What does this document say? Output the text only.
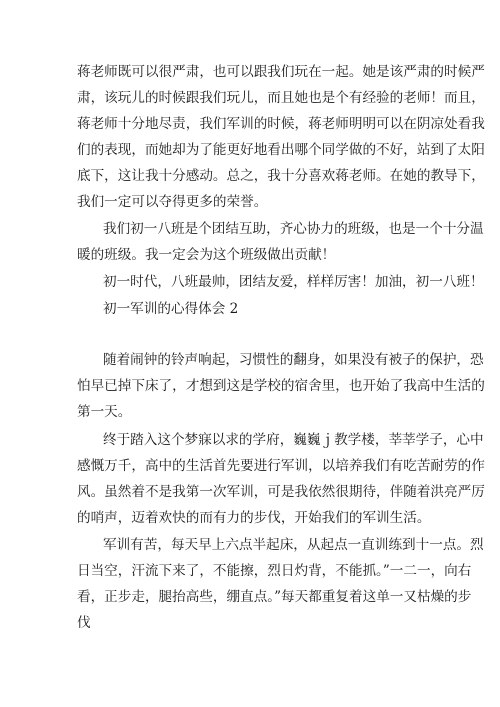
蒋老师既可以很严肃，也可以跟我们玩在一起。她是该严肃的时候严
肃，该玩儿的时候跟我们玩儿，而且她也是个有经验的老师！而且，
蒋老师十分地尽责，我们军训的时候，蒋老师明明可以在阴凉处看我
们的表现，而她却为了能更好地看出哪个同学做的不好，站到了太阳
底下，这让我十分感动。总之，我十分喜欢蒋老师。在她的教导下，
我们一定可以夺得更多的荣誉。
我们初一八班是个团结互助，齐心协力的班级，也是一个十分温
暖的班级。我一定会为这个班级做出贡献！
初一时代，八班最帅，团结友爱，样样厉害！加油，初一八班！
初一军训的心得体会 2
随着闹钟的铃声响起，习惯性的翻身，如果没有被子的保护，恐
怕早已掉下床了，才想到这是学校的宿舍里，也开始了我高中生活的
第一天。
终于踏入这个梦寐以求的学府，巍巍ｊ教学楼，莘莘学子，心中
感慨万千，高中的生活首先要进行军训，以培养我们有吃苦耐劳的作
风。虽然着不是我第一次军训，可是我依然很期待，伴随着洪亮严厉
的哨声，迈着欢快的而有力的步伐，开始我们的军训生活。
军训有苦，每天早上六点半起床，从起点一直训练到十一点。烈
日当空，汗流下来了，不能擦，烈日灼背，不能抓。”一二一，向右
看，正步走，腿抬高些，绷直点。”每天都重复着这单一又枯燥的步
伐
